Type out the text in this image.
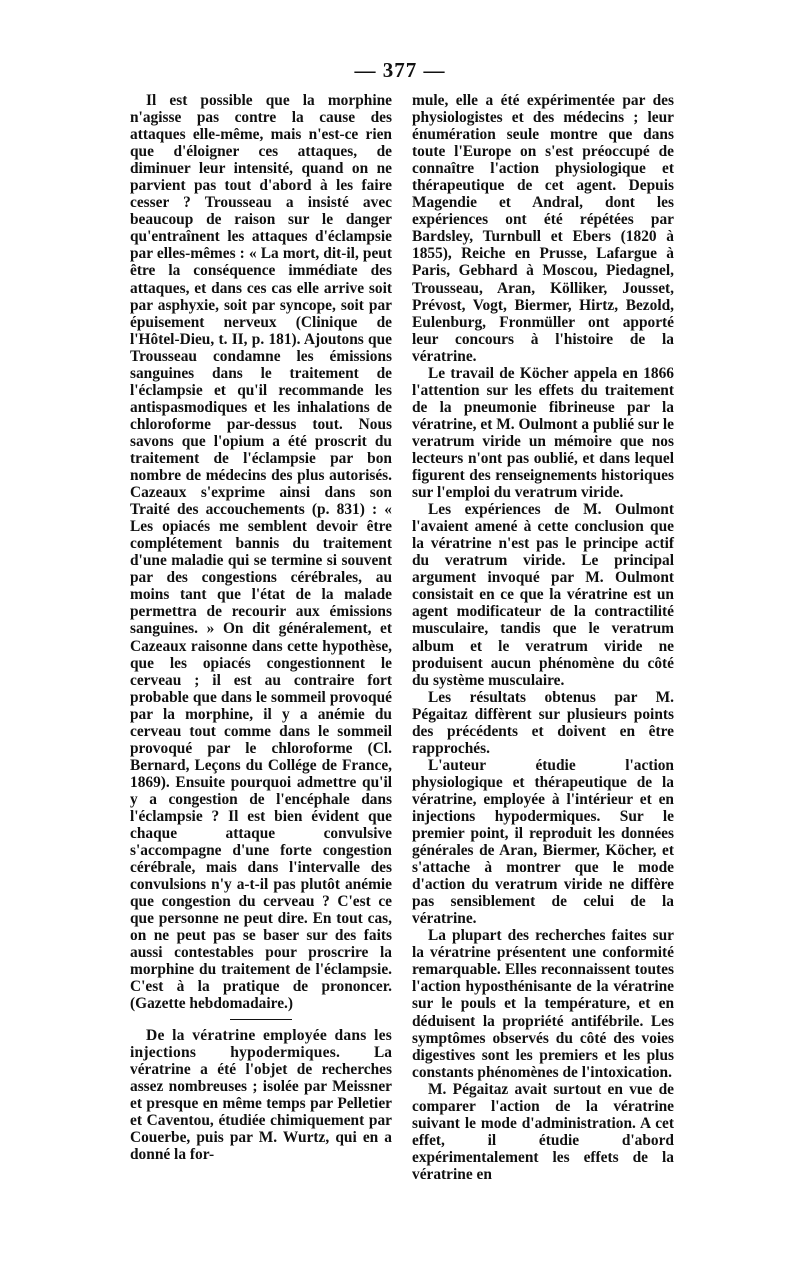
— 377 —

Il est possible que la morphine n'agisse pas contre la cause des attaques elle-même, mais n'est-ce rien que d'éloigner ces attaques, de diminuer leur intensité, quand on ne parvient pas tout d'abord à les faire cesser ? Trousseau a insisté avec beaucoup de raison sur le danger qu'entraînent les attaques d'éclampsie par elles-mêmes : « La mort, dit-il, peut être la conséquence immédiate des attaques, et dans ces cas elle arrive soit par asphyxie, soit par syncope, soit par épuisement nerveux (Clinique de l'Hôtel-Dieu, t. II, p. 181). Ajoutons que Trousseau condamne les émissions sanguines dans le traitement de l'éclampsie et qu'il recommande les antispasmodiques et les inhalations de chloroforme par-dessus tout. Nous savons que l'opium a été proscrit du traitement de l'éclampsie par bon nombre de médecins des plus autorisés. Cazeaux s'exprime ainsi dans son Traité des accouchements (p. 831) : « Les opiacés me semblent devoir être complétement bannis du traitement d'une maladie qui se termine si souvent par des congestions cérébrales, au moins tant que l'état de la malade permettra de recourir aux émissions sanguines. » On dit généralement, et Cazeaux raisonne dans cette hypothèse, que les opiacés congestionnent le cerveau ; il est au contraire fort probable que dans le sommeil provoqué par la morphine, il y a anémie du cerveau tout comme dans le sommeil provoqué par le chloroforme (Cl. Bernard, Leçons du Collége de France, 1869). Ensuite pourquoi admettre qu'il y a congestion de l'encéphale dans l'éclampsie ? Il est bien évident que chaque attaque convulsive s'accompagne d'une forte congestion cérébrale, mais dans l'intervalle des convulsions n'y a-t-il pas plutôt anémie que congestion du cerveau ? C'est ce que personne ne peut dire. En tout cas, on ne peut pas se baser sur des faits aussi contestables pour proscrire la morphine du traitement de l'éclampsie. C'est à la pratique de prononcer. (Gazette hebdomadaire.)

De la vératrine employée dans les injections hypodermiques. La vératrine a été l'objet de recherches assez nombreuses ; isolée par Meissner et presque en même temps par Pelletier et Caventou, étudiée chimiquement par Couerbe, puis par M. Wurtz, qui en a donné la for-

mule, elle a été expérimentée par des physiologistes et des médecins ; leur énumération seule montre que dans toute l'Europe on s'est préoccupé de connaître l'action physiologique et thérapeutique de cet agent. Depuis Magendie et Andral, dont les expériences ont été répétées par Bardsley, Turnbull et Ebers (1820 à 1855), Reiche en Prusse, Lafargue à Paris, Gebhard à Moscou, Piedagnel, Trousseau, Aran, Kölliker, Jousset, Prévost, Vogt, Biermer, Hirtz, Bezold, Eulenburg, Fronmüller ont apporté leur concours à l'histoire de la vératrine.

Le travail de Köcher appela en 1866 l'attention sur les effets du traitement de la pneumonie fibrineuse par la vératrine, et M. Oulmont a publié sur le veratrum viride un mémoire que nos lecteurs n'ont pas oublié, et dans lequel figurent des renseignements historiques sur l'emploi du veratrum viride.

Les expériences de M. Oulmont l'avaient amené à cette conclusion que la vératrine n'est pas le principe actif du veratrum viride. Le principal argument invoqué par M. Oulmont consistait en ce que la vératrine est un agent modificateur de la contractilité musculaire, tandis que le veratrum album et le veratrum viride ne produisent aucun phénomène du côté du système musculaire.

Les résultats obtenus par M. Pégaitaz diffèrent sur plusieurs points des précédents et doivent en être rapprochés.

L'auteur étudie l'action physiologique et thérapeutique de la vératrine, employée à l'intérieur et en injections hypodermiques. Sur le premier point, il reproduit les données générales de Aran, Biermer, Köcher, et s'attache à montrer que le mode d'action du veratrum viride ne diffère pas sensiblement de celui de la vératrine.

La plupart des recherches faites sur la vératrine présentent une conformité remarquable. Elles reconnaissent toutes l'action hyposthénisante de la vératrine sur le pouls et la température, et en déduisent la propriété antifébrile. Les symptômes observés du côté des voies digestives sont les premiers et les plus constants phénomènes de l'intoxication.

M. Pégaitaz avait surtout en vue de comparer l'action de la vératrine suivant le mode d'administration. A cet effet, il étudie d'abord expérimentalement les effets de la vératrine en
